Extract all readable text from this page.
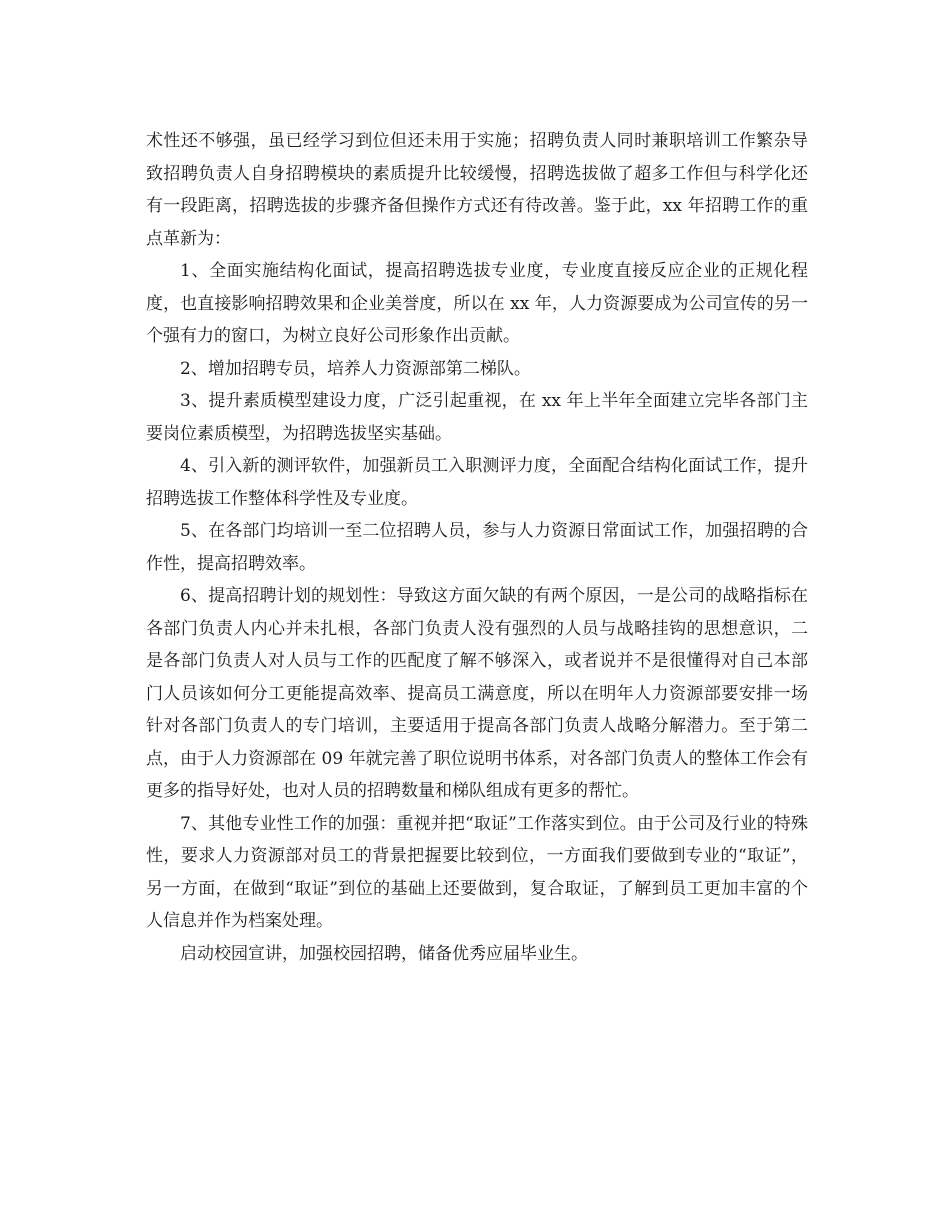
术性还不够强，虽已经学习到位但还未用于实施；招聘负责人同时兼职培训工作繁杂导致招聘负责人自身招聘模块的素质提升比较缓慢，招聘选拔做了超多工作但与科学化还有一段距离，招聘选拔的步骤齐备但操作方式还有待改善。鉴于此，xx 年招聘工作的重点革新为：

1、全面实施结构化面试，提高招聘选拔专业度，专业度直接反应企业的正规化程度，也直接影响招聘效果和企业美誉度，所以在 xx 年，人力资源要成为公司宣传的另一个强有力的窗口，为树立良好公司形象作出贡献。

2、增加招聘专员，培养人力资源部第二梯队。

3、提升素质模型建设力度，广泛引起重视，在 xx 年上半年全面建立完毕各部门主要岗位素质模型，为招聘选拔坚实基础。

4、引入新的测评软件，加强新员工入职测评力度，全面配合结构化面试工作，提升招聘选拔工作整体科学性及专业度。

5、在各部门均培训一至二位招聘人员，参与人力资源日常面试工作，加强招聘的合作性，提高招聘效率。

6、提高招聘计划的规划性：导致这方面欠缺的有两个原因，一是公司的战略指标在各部门负责人内心并未扎根，各部门负责人没有强烈的人员与战略挂钩的思想意识，二是各部门负责人对人员与工作的匹配度了解不够深入，或者说并不是很懂得对自己本部门人员该如何分工更能提高效率、提高员工满意度，所以在明年人力资源部要安排一场针对各部门负责人的专门培训，主要适用于提高各部门负责人战略分解潜力。至于第二点，由于人力资源部在 09 年就完善了职位说明书体系，对各部门负责人的整体工作会有更多的指导好处，也对人员的招聘数量和梯队组成有更多的帮忙。

7、其他专业性工作的加强：重视并把“取证”工作落实到位。由于公司及行业的特殊性，要求人力资源部对员工的背景把握要比较到位，一方面我们要做到专业的“取证”，另一方面，在做到“取证”到位的基础上还要做到，复合取证，了解到员工更加丰富的个人信息并作为档案处理。

启动校园宣讲，加强校园招聘，储备优秀应届毕业生。
